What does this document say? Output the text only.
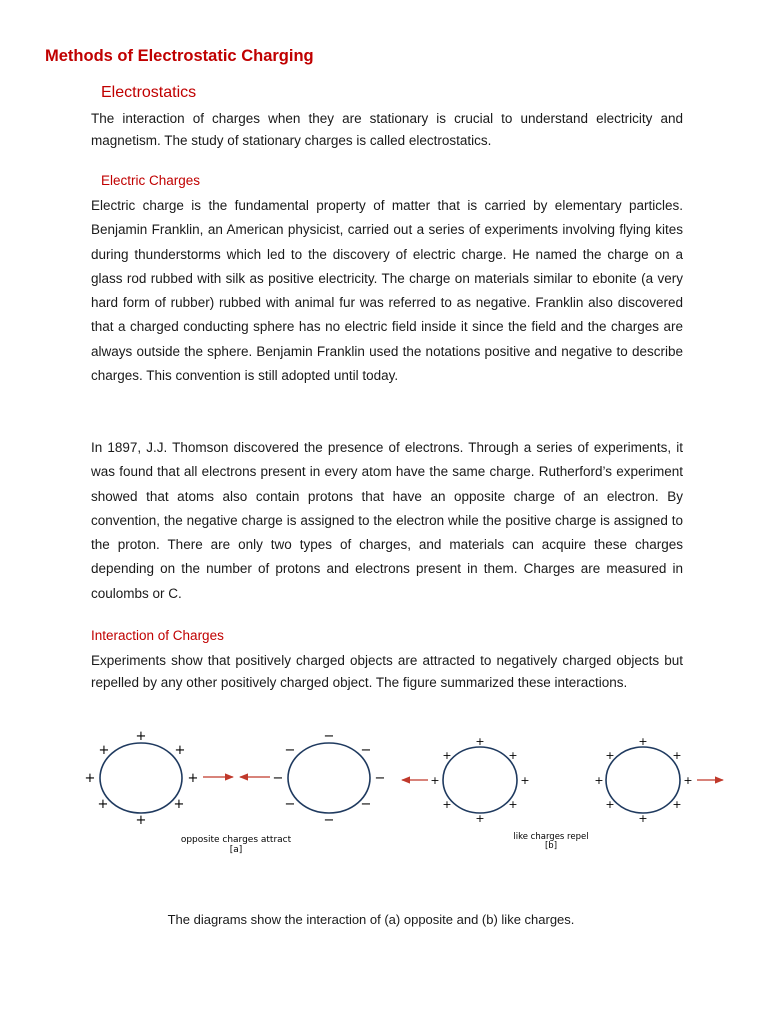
Methods of Electrostatic Charging
Electrostatics

The interaction of charges when they are stationary is crucial to understand electricity and magnetism. The study of stationary charges is called electrostatics.

Electric Charges

Electric charge is the fundamental property of matter that is carried by elementary particles. Benjamin Franklin, an American physicist, carried out a series of experiments involving flying kites during thunderstorms which led to the discovery of electric charge. He named the charge on a glass rod rubbed with silk as positive electricity. The charge on materials similar to ebonite (a very hard form of rubber) rubbed with animal fur was referred to as negative. Franklin also discovered that a charged conducting sphere has no electric field inside it since the field and the charges are always outside the sphere. Benjamin Franklin used the notations positive and negative to describe charges. This convention is still adopted until today.

In 1897, J.J. Thomson discovered the presence of electrons. Through a series of experiments, it was found that all electrons present in every atom have the same charge. Rutherford’s experiment showed that atoms also contain protons that have an opposite charge of an electron. By convention, the negative charge is assigned to the electron while the positive charge is assigned to the proton. There are only two types of charges, and materials can acquire these charges depending on the number of protons and electrons present in them. Charges are measured in coulombs or C.

Interaction of Charges

Experiments show that positively charged objects are attracted to negatively charged objects but repelled by any other positively charged object. The figure summarized these interactions.

+
+	+
+	+
+	+
+
−
−	−
−	−
−	−
−
opposite charges attract
[a]
+
+	+
+	+
+	+
+
+
+	+
+	+
+	+
+
like charges repel
[b]

The diagrams show the interaction of (a) opposite and (b) like charges.
